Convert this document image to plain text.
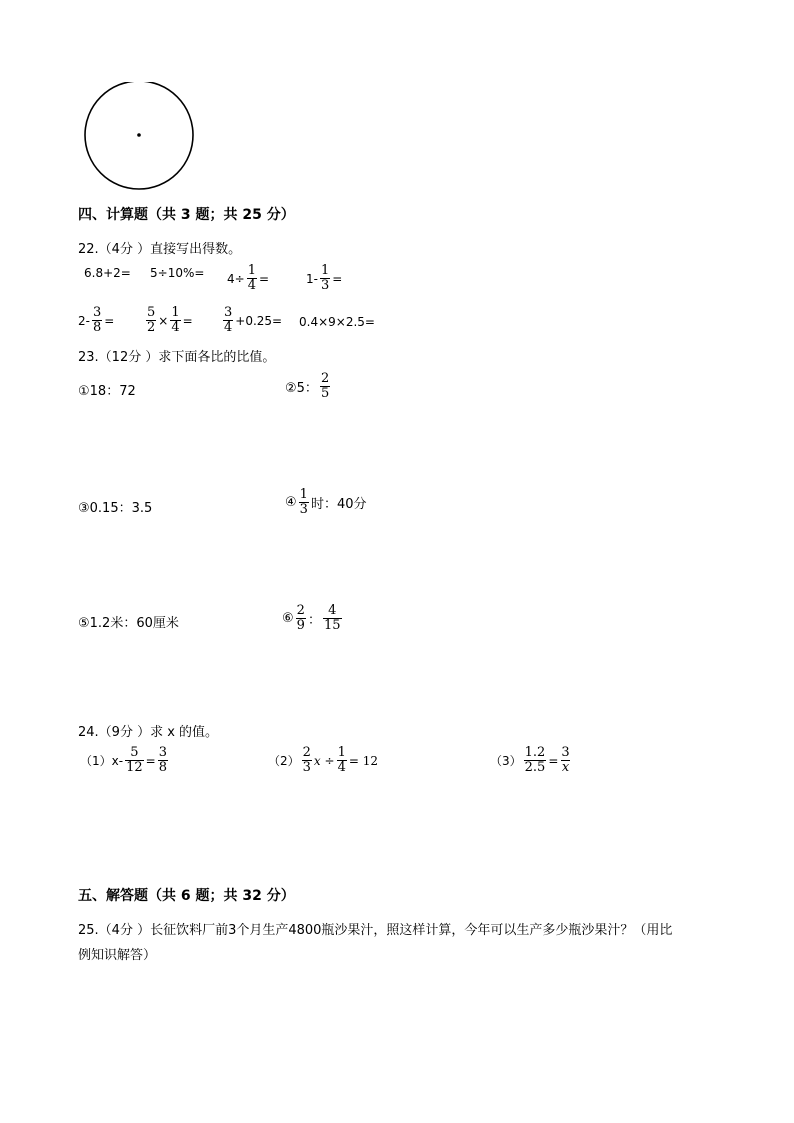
四、计算题（共 3 题；共 25 分）
22.（4分 ）直接写出得数。
$6.8+2= 5\div 10\%= 4\div \frac{1}{4}$ =	$1- \frac{1}{3}$ =
$2- \frac{3}{8} = \frac{5}{2} \times \frac{1}{4} = \frac{3}{4} +0.25= 0.4\times 9\times 2.5=$
23.（12分 ）求下面各比的比值。
①18：72	②5： $\frac{2}{5}$
③0.15：3.5	④ $\frac{1}{3}$ 时：40分
⑤1.2米：60厘米	⑥ $\frac{2}{9}$ ： $\frac{4}{15}$
24.（9分 ）求 x 的值。
$(1)x- \frac{5}{12} = \frac{3}{8}$	$(2) \frac{2}{3}$ $x \div \frac{1}{4} = 12$	$(3) \frac{1.2}{2.5} = \frac{3}{x}$
五、解答题（共 6 题；共 32 分）
25.（4分 ）长征饮料厂前3个月生产4800瓶沙果汁，照这样计算，今年可以生产多少瓶沙果汁？（用比
例知识解答）
